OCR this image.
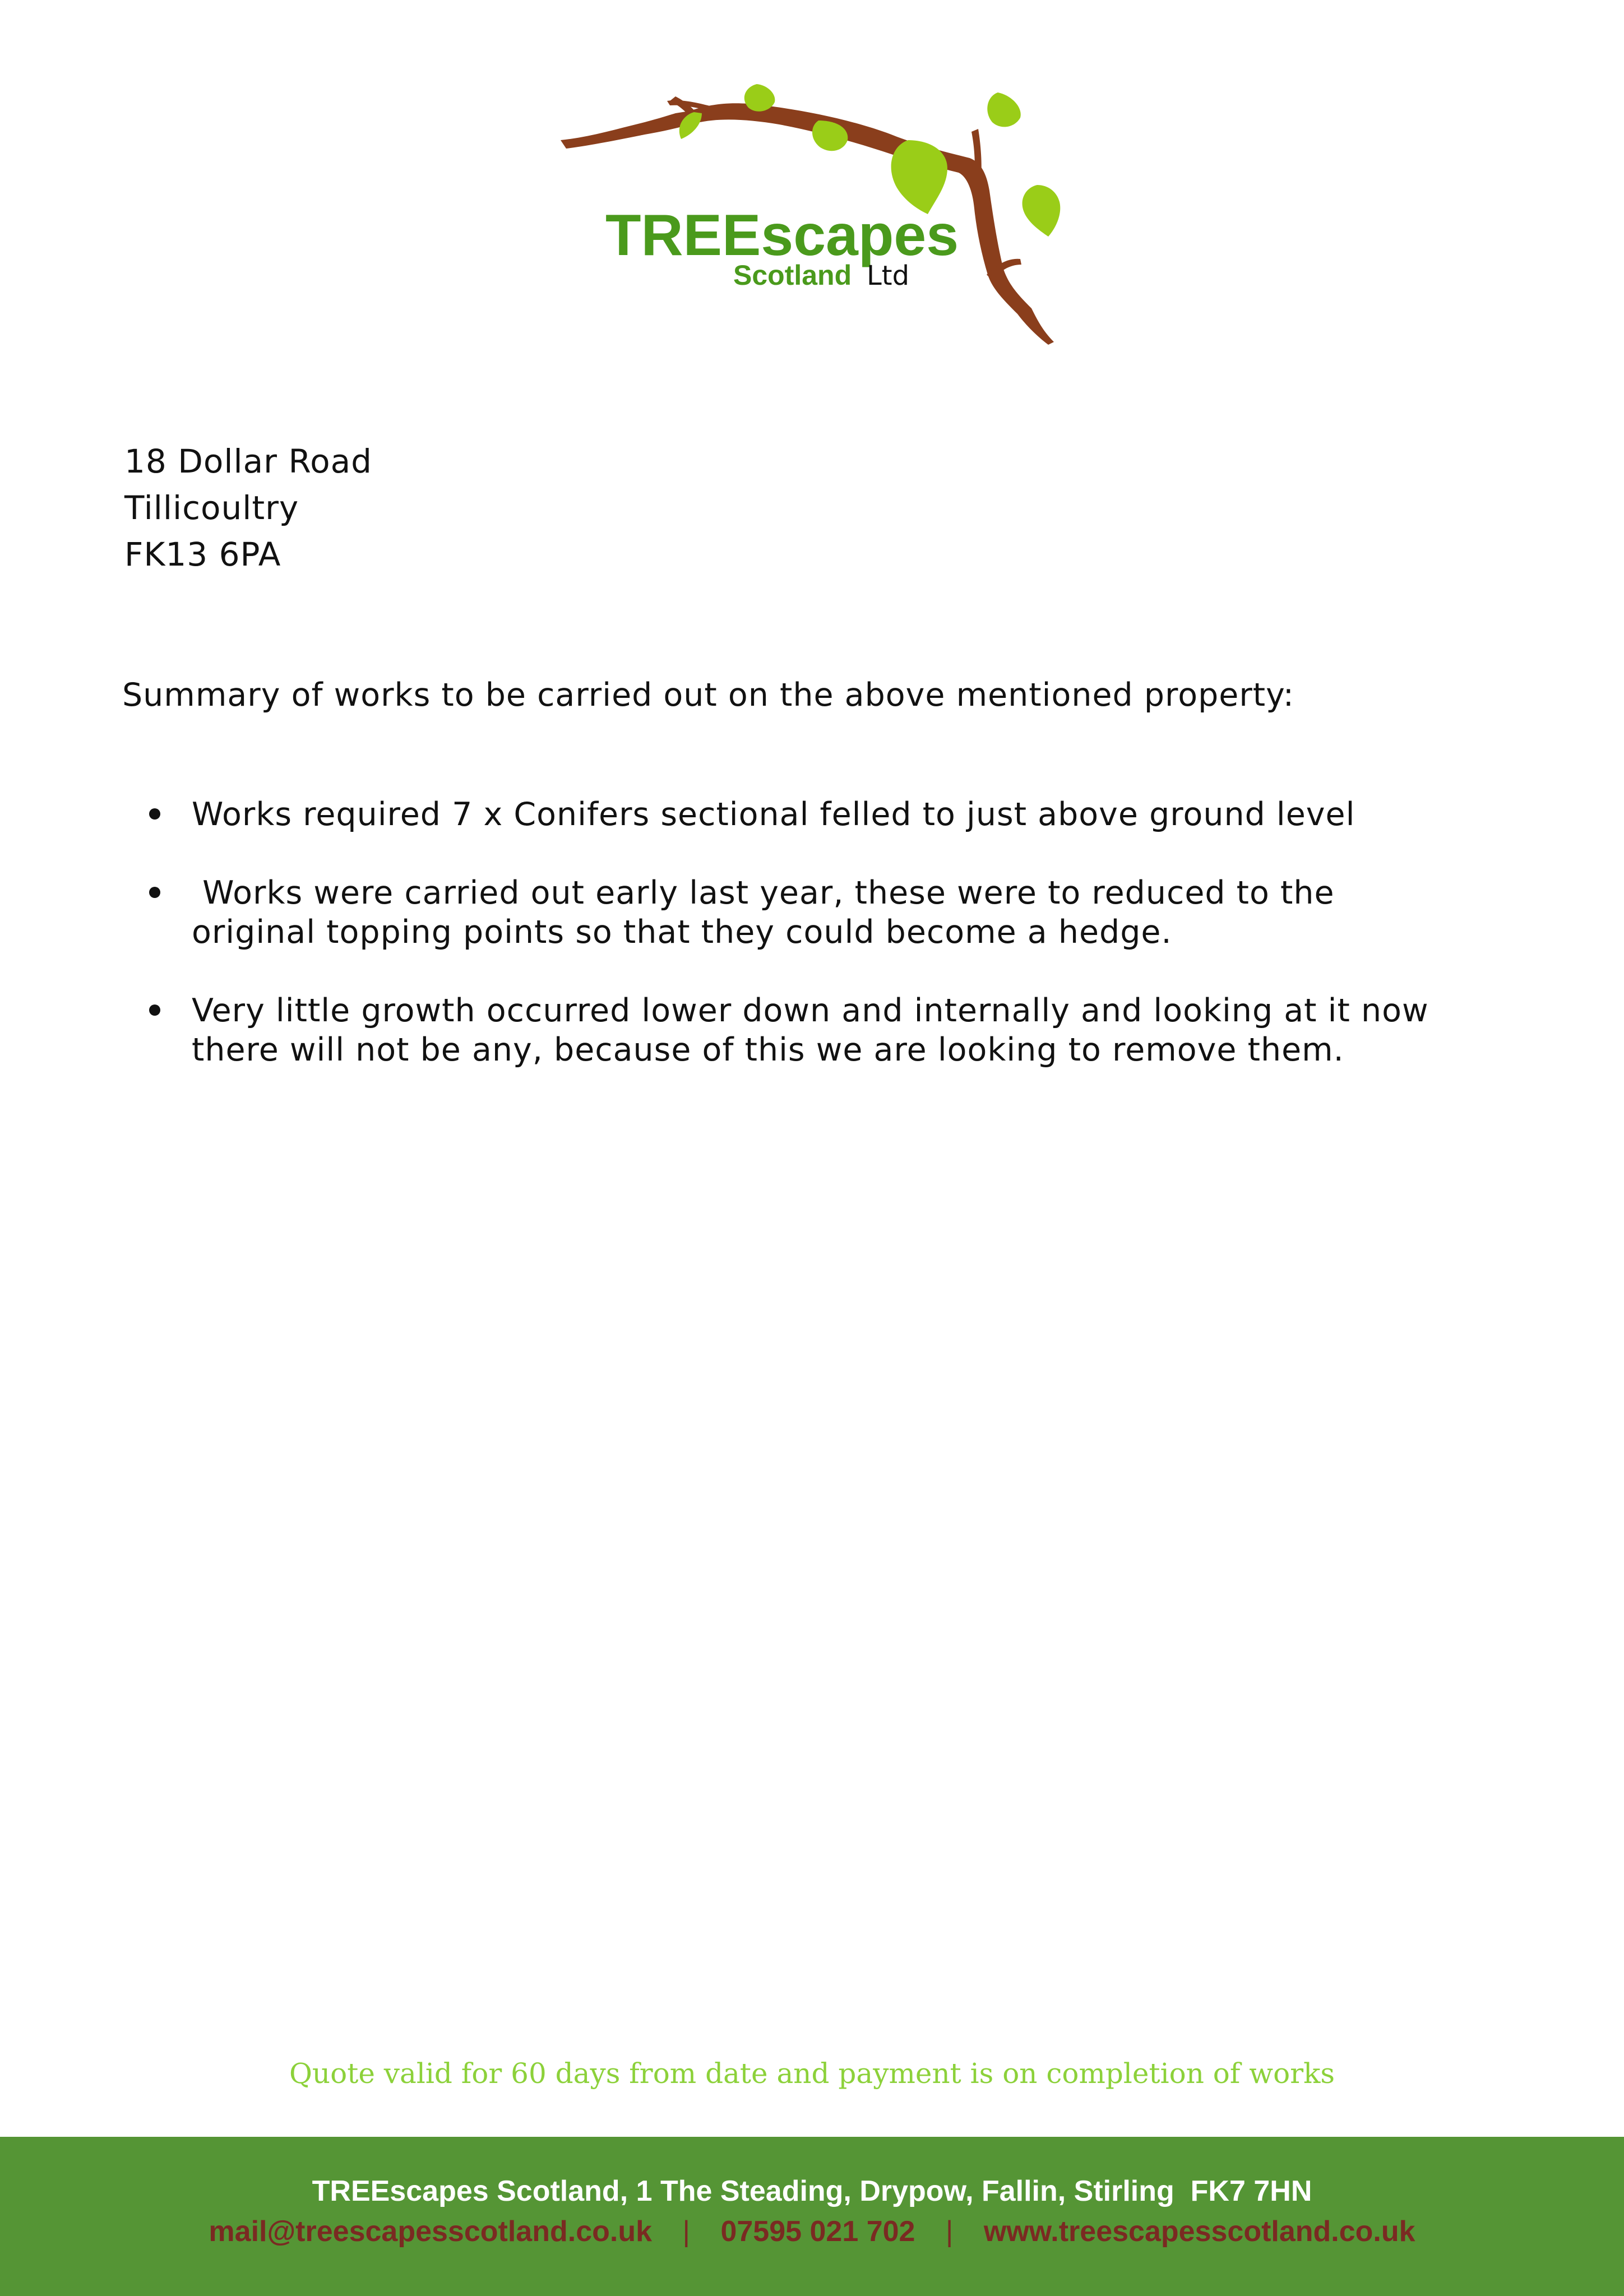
TREEscapes
Scotland Ltd
18 Dollar Road
Tillicoultry
FK13 6PA
Summary of works to be carried out on the above mentioned property:
Works required 7 x Conifers sectional felled to just above ground level
Works were carried out early last year, these were to reduced to the original topping points so that they could become a hedge.
Very little growth occurred lower down and internally and looking at it now there will not be any, because of this we are looking to remove them.
Quote valid for 60 days from date and payment is on completion of works
TREEscapes Scotland, 1 The Steading, Drypow, Fallin, Stirling  FK7 7HN
mail@treescapesscotland.co.uk | 07595 021 702 | www.treescapesscotland.co.uk
